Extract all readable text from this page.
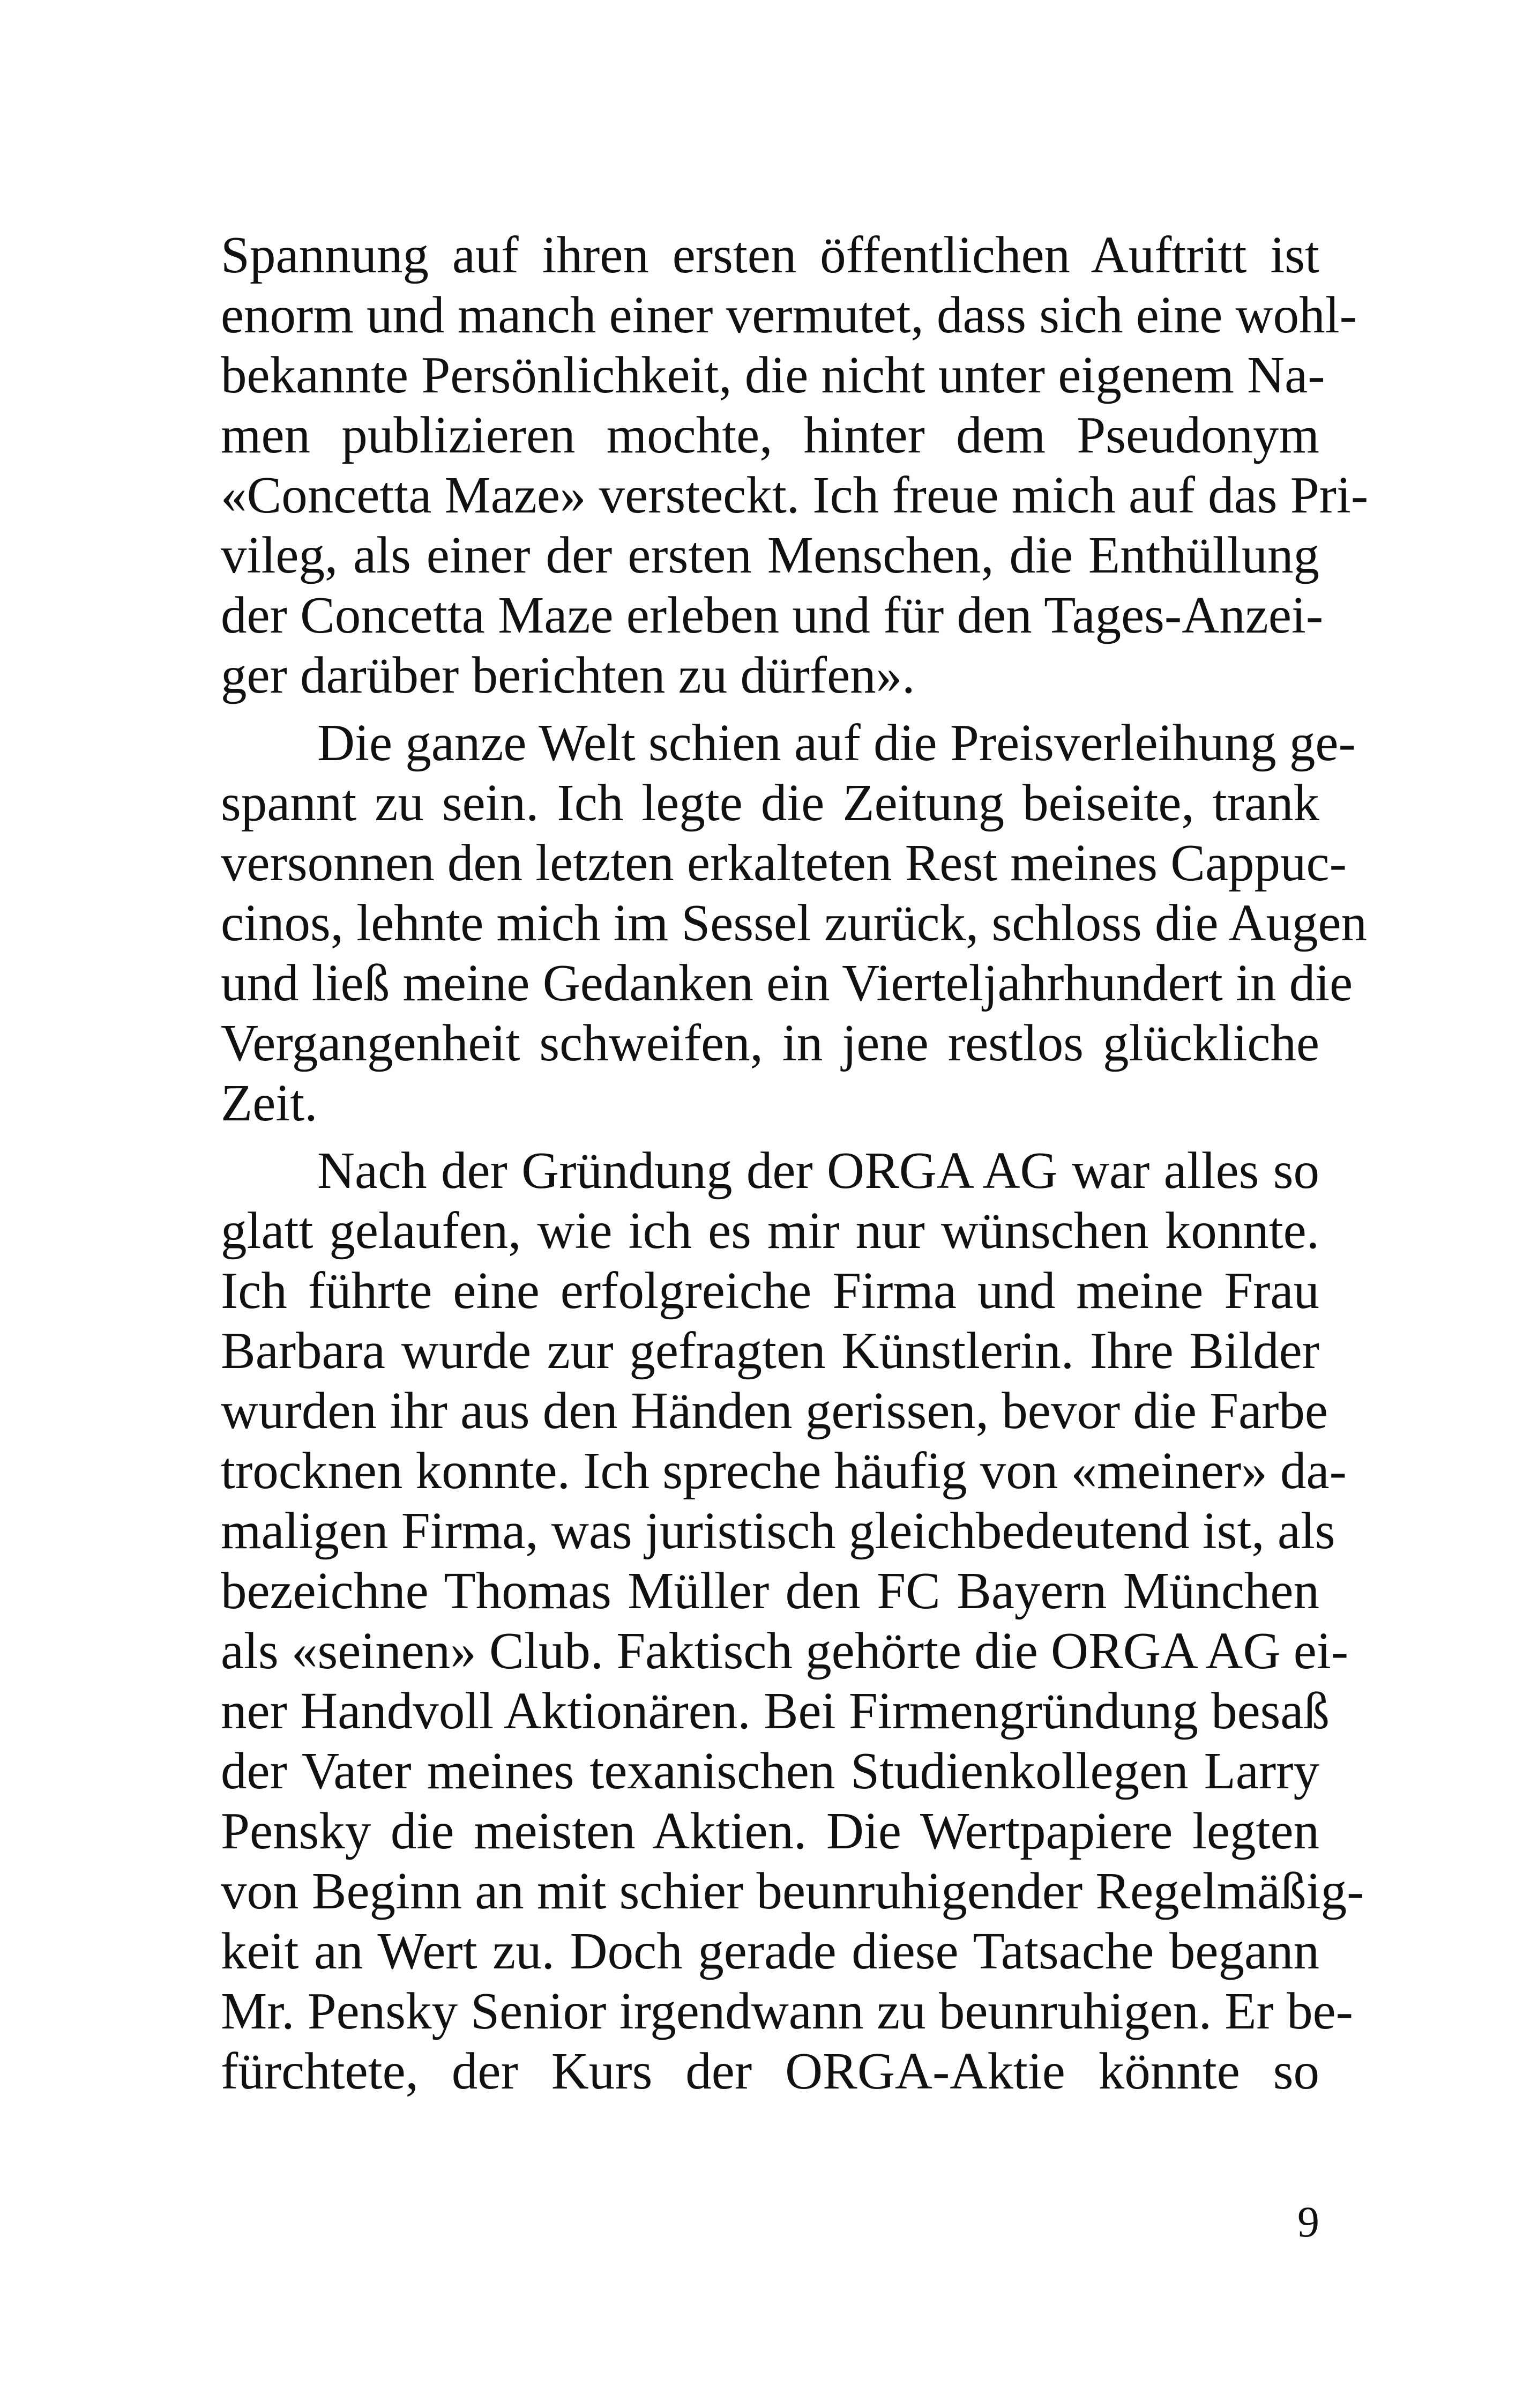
Spannung auf ihren ersten öffentlichen Auftritt ist
enorm und manch einer vermutet, dass sich eine wohl-
bekannte Persönlichkeit, die nicht unter eigenem Na-
men publizieren mochte, hinter dem Pseudonym
«Concetta Maze» versteckt. Ich freue mich auf das Pri-
vileg, als einer der ersten Menschen, die Enthüllung
der Concetta Maze erleben und für den Tages-Anzei-
ger darüber berichten zu dürfen».
Die ganze Welt schien auf die Preisverleihung ge-
spannt zu sein. Ich legte die Zeitung beiseite, trank
versonnen den letzten erkalteten Rest meines Cappuc-
cinos, lehnte mich im Sessel zurück, schloss die Augen
und ließ meine Gedanken ein Vierteljahrhundert in die
Vergangenheit schweifen, in jene restlos glückliche
Zeit.
Nach der Gründung der ORGA AG war alles so
glatt gelaufen, wie ich es mir nur wünschen konnte.
Ich führte eine erfolgreiche Firma und meine Frau
Barbara wurde zur gefragten Künstlerin. Ihre Bilder
wurden ihr aus den Händen gerissen, bevor die Farbe
trocknen konnte. Ich spreche häufig von «meiner» da-
maligen Firma, was juristisch gleichbedeutend ist, als
bezeichne Thomas Müller den FC Bayern München
als «seinen» Club. Faktisch gehörte die ORGA AG ei-
ner Handvoll Aktionären. Bei Firmengründung besaß
der Vater meines texanischen Studienkollegen Larry
Pensky die meisten Aktien. Die Wertpapiere legten
von Beginn an mit schier beunruhigender Regelmäßig-
keit an Wert zu. Doch gerade diese Tatsache begann
Mr. Pensky Senior irgendwann zu beunruhigen. Er be-
fürchtete, der Kurs der ORGA-Aktie könnte so
9
